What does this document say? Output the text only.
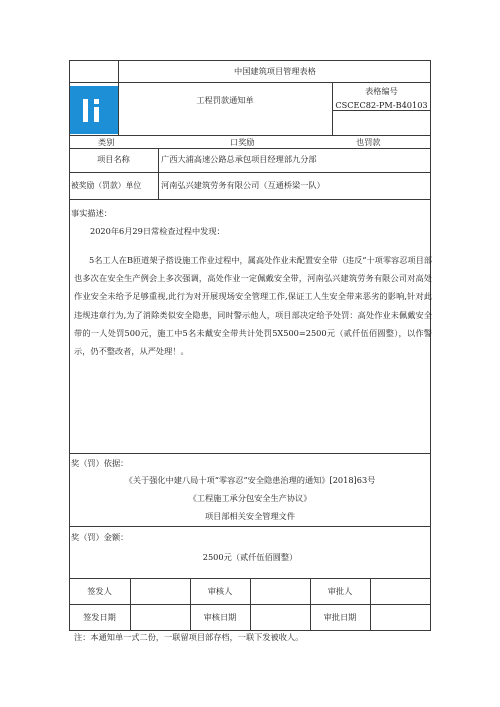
中国建筑项目管理表格
工程罚款通知单
表格编号
CSCEC82-PM-B40103
类别	口奖励	也罚款
项目名称	广西大浦高速公路总承包项目经理部九分部
被奖励（罚款）单位 河南弘兴建筑劳务有限公司（互通桥梁一队）
事实描述：
2020年6月29日常检查过程中发现：
5名工人在B匝道架子搭设施工作业过程中，属高处作业未配置安全带（违反“十项零容忍项目部也多次在安全生产例会上多次强调，高处作业一定佩戴安全带，河南弘兴建筑劳务有限公司对高处作业安全未给予足够重视,此行为对开展现场安全管理工作,保证工人生安全带来恶劣的影响,针对此违规违章行为,为了消除类似安全隐患，同时警示他人，项目部决定给予处罚：高处作业未佩戴安全带的一人处罚500元，施工中5名未戴安全带共计处罚5X500=2500元（贰仟伍佰圆整），以作警示，仍不整改者，从严处理！。
奖（罚）依据：
《关于强化中建八局十项“零容忍”安全隐患治理的通知》[2018]63号
《工程施工承分包安全生产协议》
项目部相关安全管理文件
奖（罚）金额：
2500元（贰仟伍佰圆整）
签发人	审核人	审批人
签发日期	审核日期	审批日期
注：本通知单一式二份，一联留项目部存档，一联下发被收人。
